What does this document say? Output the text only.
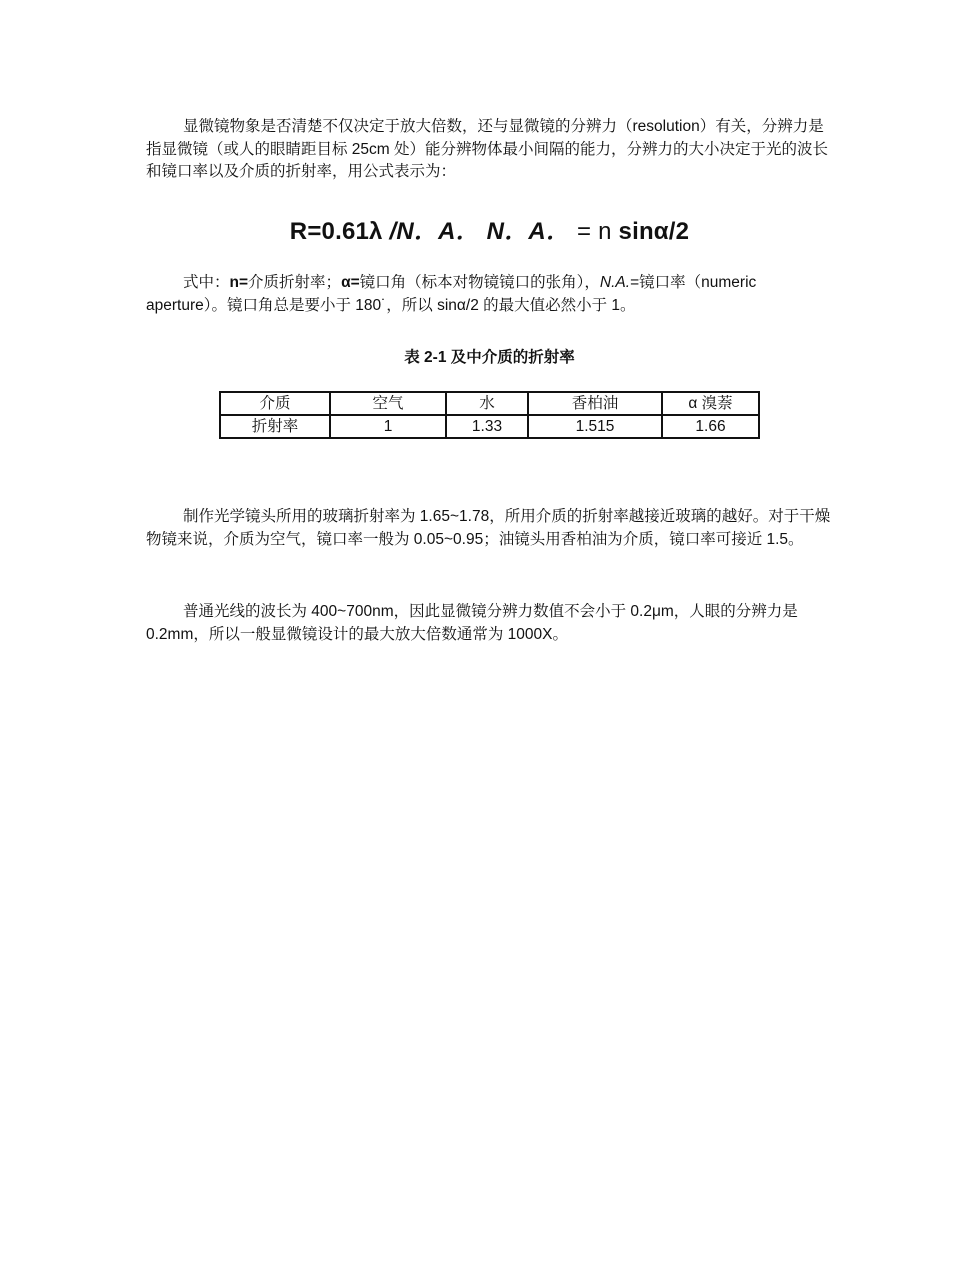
显微镜物象是否清楚不仅决定于放大倍数，还与显微镜的分辨力（resolution）有关，分辨力是指显微镜（或人的眼睛距目标 25cm 处）能分辨物体最小间隔的能力，分辨力的大小决定于光的波长和镜口率以及介质的折射率，用公式表示为：

R=0.61λ /N．A． N．A． = n sinα/2

式中：n=介质折射率；α=镜口角（标本对物镜镜口的张角），N.A.=镜口率（numeric aperture）。镜口角总是要小于 180˙，所以 sinα/2 的最大值必然小于 1。

表 2-1 及中介质的折射率
介质	空气	水	香柏油	α 溴萘
折射率	1	1.33	1.515	1.66

制作光学镜头所用的玻璃折射率为 1.65~1.78，所用介质的折射率越接近玻璃的越好。对于干燥物镜来说，介质为空气，镜口率一般为 0.05~0.95；油镜头用香柏油为介质，镜口率可接近 1.5。

普通光线的波长为 400~700nm，因此显微镜分辨力数值不会小于 0.2μm，人眼的分辨力是 0.2mm，所以一般显微镜设计的最大放大倍数通常为 1000X。
